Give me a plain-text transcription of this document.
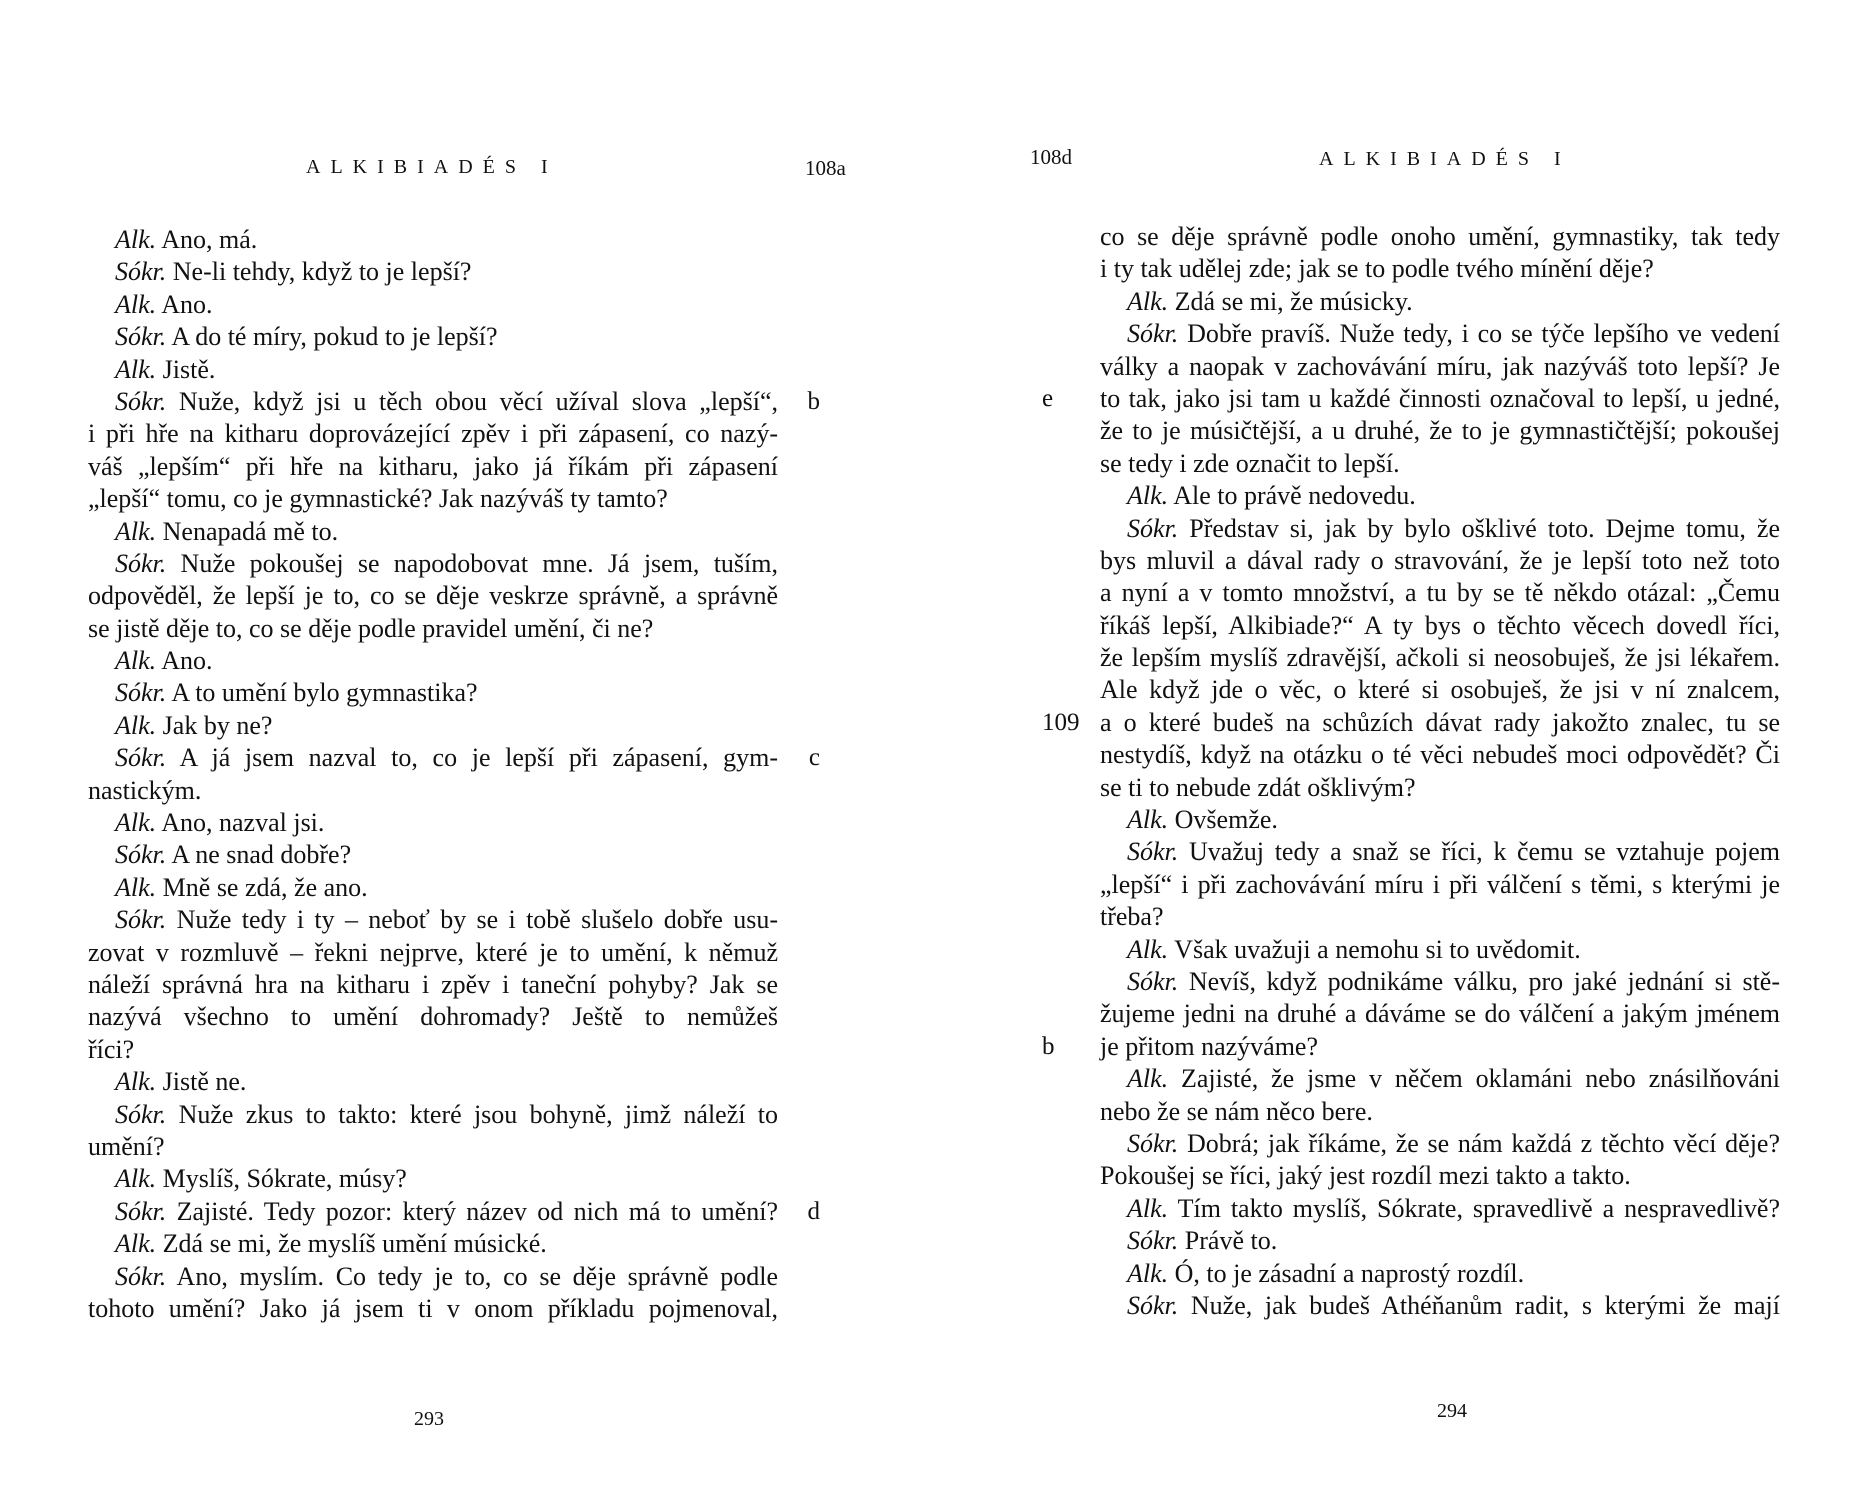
ALKIBIADÉS I	108a
Alk. Ano, má.
Sókr. Ne-li tehdy, když to je lepší?
Alk. Ano.
Sókr. A do té míry, pokud to je lepší?
Alk. Jistě.
Sókr. Nuže, když jsi u těch obou věcí užíval slova „lepší“, b
i při hře na kitharu doprovázející zpěv i při zápasení, co nazý-
váš „lepším“ při hře na kitharu, jako já říkám při zápasení
„lepší“ tomu, co je gymnastické? Jak nazýváš ty tamto?
Alk. Nenapadá mě to.
Sókr. Nuže pokoušej se napodobovat mne. Já jsem, tuším,
odpověděl, že lepší je to, co se děje veskrze správně, a správně
se jistě děje to, co se děje podle pravidel umění, či ne?
Alk. Ano.
Sókr. A to umění bylo gymnastika?
Alk. Jak by ne?
Sókr. A já jsem nazval to, co je lepší při zápasení, gym- c
nastickým.
Alk. Ano, nazval jsi.
Sókr. A ne snad dobře?
Alk. Mně se zdá, že ano.
Sókr. Nuže tedy i ty – neboť by se i tobě slušelo dobře usu-
zovat v rozmluvě – řekni nejprve, které je to umění, k němuž
náleží správná hra na kitharu i zpěv i taneční pohyby? Jak se
nazývá všechno to umění dohromady? Ještě to nemůžeš
říci?
Alk. Jistě ne.
Sókr. Nuže zkus to takto: které jsou bohyně, jimž náleží to
umění?
Alk. Myslíš, Sókrate, músy?
Sókr. Zajisté. Tedy pozor: který název od nich má to umění? d
Alk. Zdá se mi, že myslíš umění músické.
Sókr. Ano, myslím. Co tedy je to, co se děje správně podle
tohoto umění? Jako já jsem ti v onom příkladu pojmenoval,
293
ALKIBIADÉS I
108d
co se děje správně podle onoho umění, gymnastiky, tak tedy
i ty tak udělej zde; jak se to podle tvého mínění děje?
Alk. Zdá se mi, že músicky.
Sókr. Dobře pravíš. Nuže tedy, i co se týče lepšího ve vedení
války a naopak v zachovávání míru, jak nazýváš toto lepší? Je
to tak, jako jsi tam u každé činnosti označoval to lepší, u jedné,
e
že to je músičtější, a u druhé, že to je gymnastičtější; pokoušej
se tedy i zde označit to lepší.
Alk. Ale to právě nedovedu.
Sókr. Představ si, jak by bylo ošklivé toto. Dejme tomu, že
bys mluvil a dával rady o stravování, že je lepší toto než toto
a nyní a v tomto množství, a tu by se tě někdo otázal: „Čemu
říkáš lepší, Alkibiade?“ A ty bys o těchto věcech dovedl říci,
že lepším myslíš zdravější, ačkoli si neosobuješ, že jsi lékařem.
Ale když jde o věc, o které si osobuješ, že jsi v ní znalcem,
a o které budeš na schůzích dávat rady jakožto znalec, tu se
109
nestydíš, když na otázku o té věci nebudeš moci odpovědět? Či
se ti to nebude zdát ošklivým?
Alk. Ovšemže.
Sókr. Uvažuj tedy a snaž se říci, k čemu se vztahuje pojem
„lepší“ i při zachovávání míru i při válčení s těmi, s kterými je
třeba?
Alk. Však uvažuji a nemohu si to uvědomit.
Sókr. Nevíš, když podnikáme válku, pro jaké jednání si stě-
žujeme jedni na druhé a dáváme se do válčení a jakým jménem
je přitom nazýváme?
b
Alk. Zajisté, že jsme v něčem oklamáni nebo znásilňováni
nebo že se nám něco bere.
Sókr. Dobrá; jak říkáme, že se nám každá z těchto věcí děje?
Pokoušej se říci, jaký jest rozdíl mezi takto a takto.
Alk. Tím takto myslíš, Sókrate, spravedlivě a nespravedlivě?
Sókr. Právě to.
Alk. Ó, to je zásadní a naprostý rozdíl.
Sókr. Nuže, jak budeš Athéňanům radit, s kterými že mají
294
